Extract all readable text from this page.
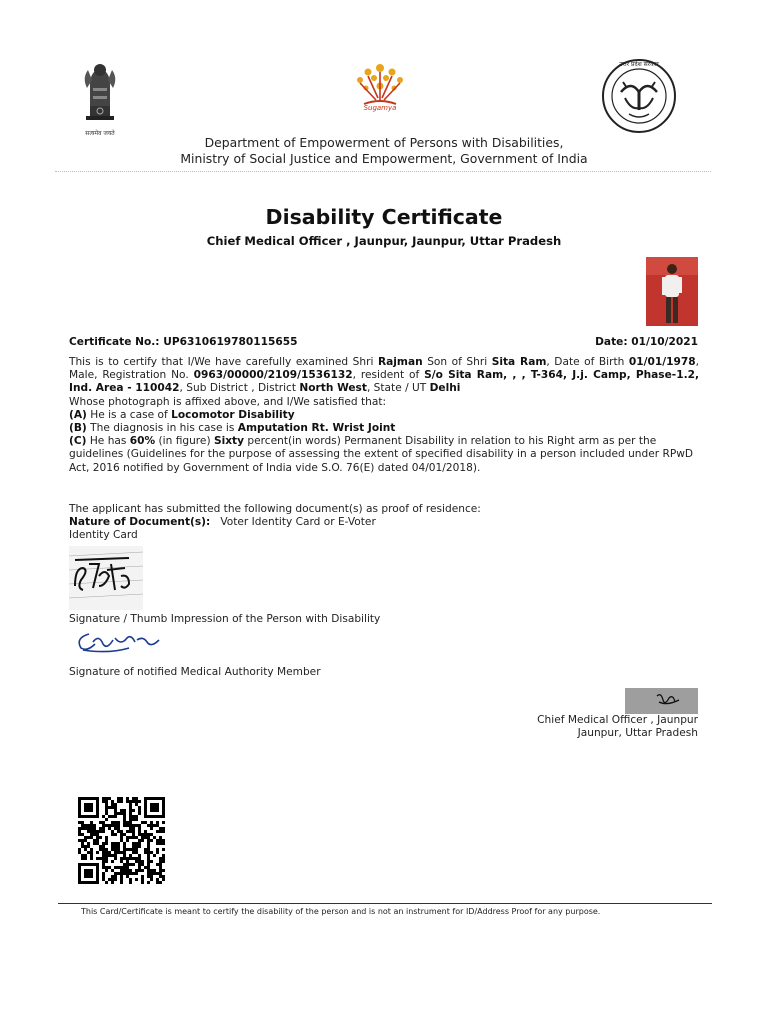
सत्यमेव जयते
Sugamya
उत्तर प्रदेश सरकार
Department of Empowerment of Persons with Disabilities,
Ministry of Social Justice and Empowerment, Government of India
Disability Certificate
Chief Medical Officer , Jaunpur, Jaunpur, Uttar Pradesh
Certificate No.: UP6310619780115655	Date: 01/10/2021
This is to certify that I/We have carefully examined Shri Rajman Son of Shri Sita Ram, Date of Birth 01/01/1978, Male, Registration No. 0963/00000/2109/1536132, resident of S/o Sita Ram, , , T-364, J.j. Camp, Phase-1.2, Ind. Area - 110042, Sub District , District North West, State / UT Delhi
Whose photograph is affixed above, and I/We satisfied that:
(A) He is a case of Locomotor Disability
(B) The diagnosis in his case is Amputation Rt. Wrist Joint
(C) He has 60% (in figure) Sixty percent(in words) Permanent Disability in relation to his Right arm as per the guidelines (Guidelines for the purpose of assessing the extent of specified disability in a person included under RPwD Act, 2016 notified by Government of India vide S.O. 76(E) dated 04/01/2018).
The applicant has submitted the following document(s) as proof of residence:
Nature of Document(s): Voter Identity Card or E-Voter Identity Card
Signature / Thumb Impression of the Person with Disability
Signature of notified Medical Authority Member
Chief Medical Officer , Jaunpur
Jaunpur, Uttar Pradesh
This Card/Certificate is meant to certify the disability of the person and is not an instrument for ID/Address Proof for any purpose.
